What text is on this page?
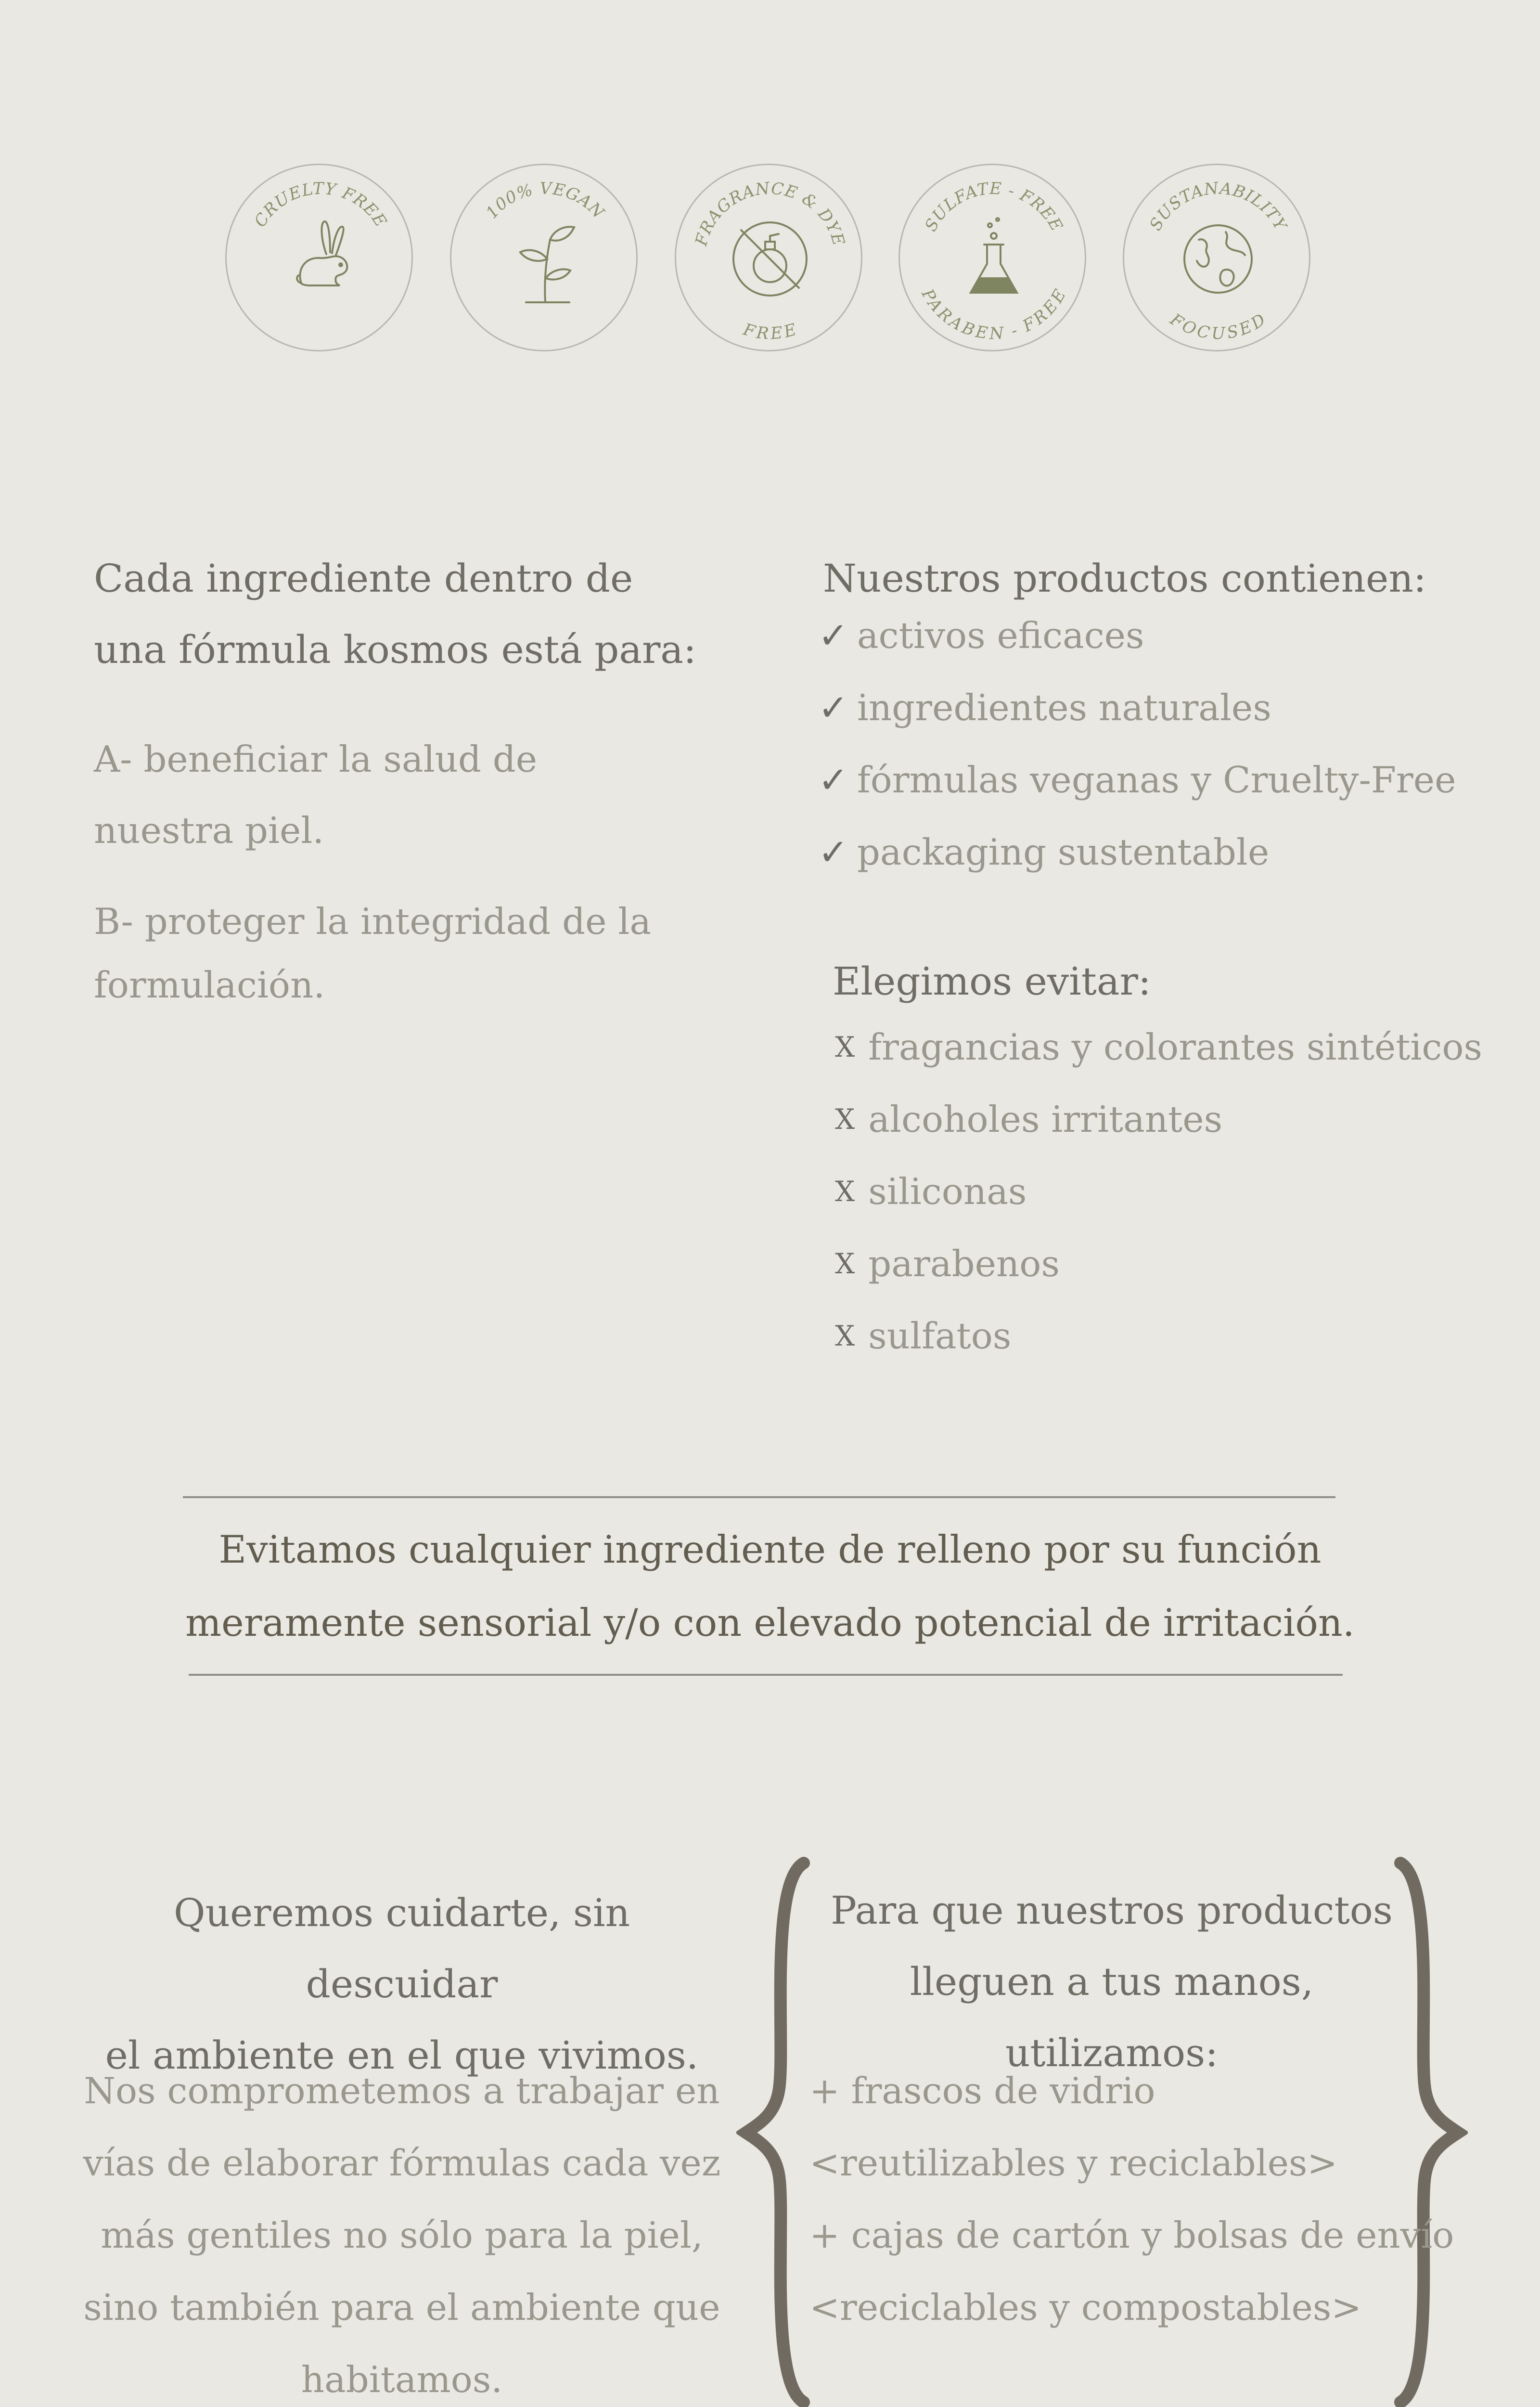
CRUELTY FREE	100% VEGAN
FRAGRANCE & DYE
FREE
SULFATE - FREE
PARABEN - FREE
SUSTANABILITY
FOCUSED
Cada ingrediente dentro de
una fórmula kosmos está para:
A- beneficiar la salud de
nuestra piel.
B- proteger la integridad de la
formulación.
Nuestros productos contienen:
✓ activos eficaces
✓ ingredientes naturales
✓ fórmulas veganas y Cruelty-Free
✓ packaging sustentable
Elegimos evitar:
X fragancias y colorantes sintéticos
X alcoholes irritantes
X siliconas
X parabenos
X sulfatos
Evitamos cualquier ingrediente de relleno por su función
meramente sensorial y/o con elevado potencial de irritación.
Queremos cuidarte, sin descuidar
el ambiente en el que vivimos.
Nos comprometemos a trabajar en
vías de elaborar fórmulas cada vez
más gentiles no sólo para la piel,
sino también para el ambiente que
habitamos.
Para que nuestros productos
lleguen a tus manos, utilizamos:
+ frascos de vidrio
<reutilizables y reciclables>
+ cajas de cartón y bolsas de envío
<reciclables y compostables>
